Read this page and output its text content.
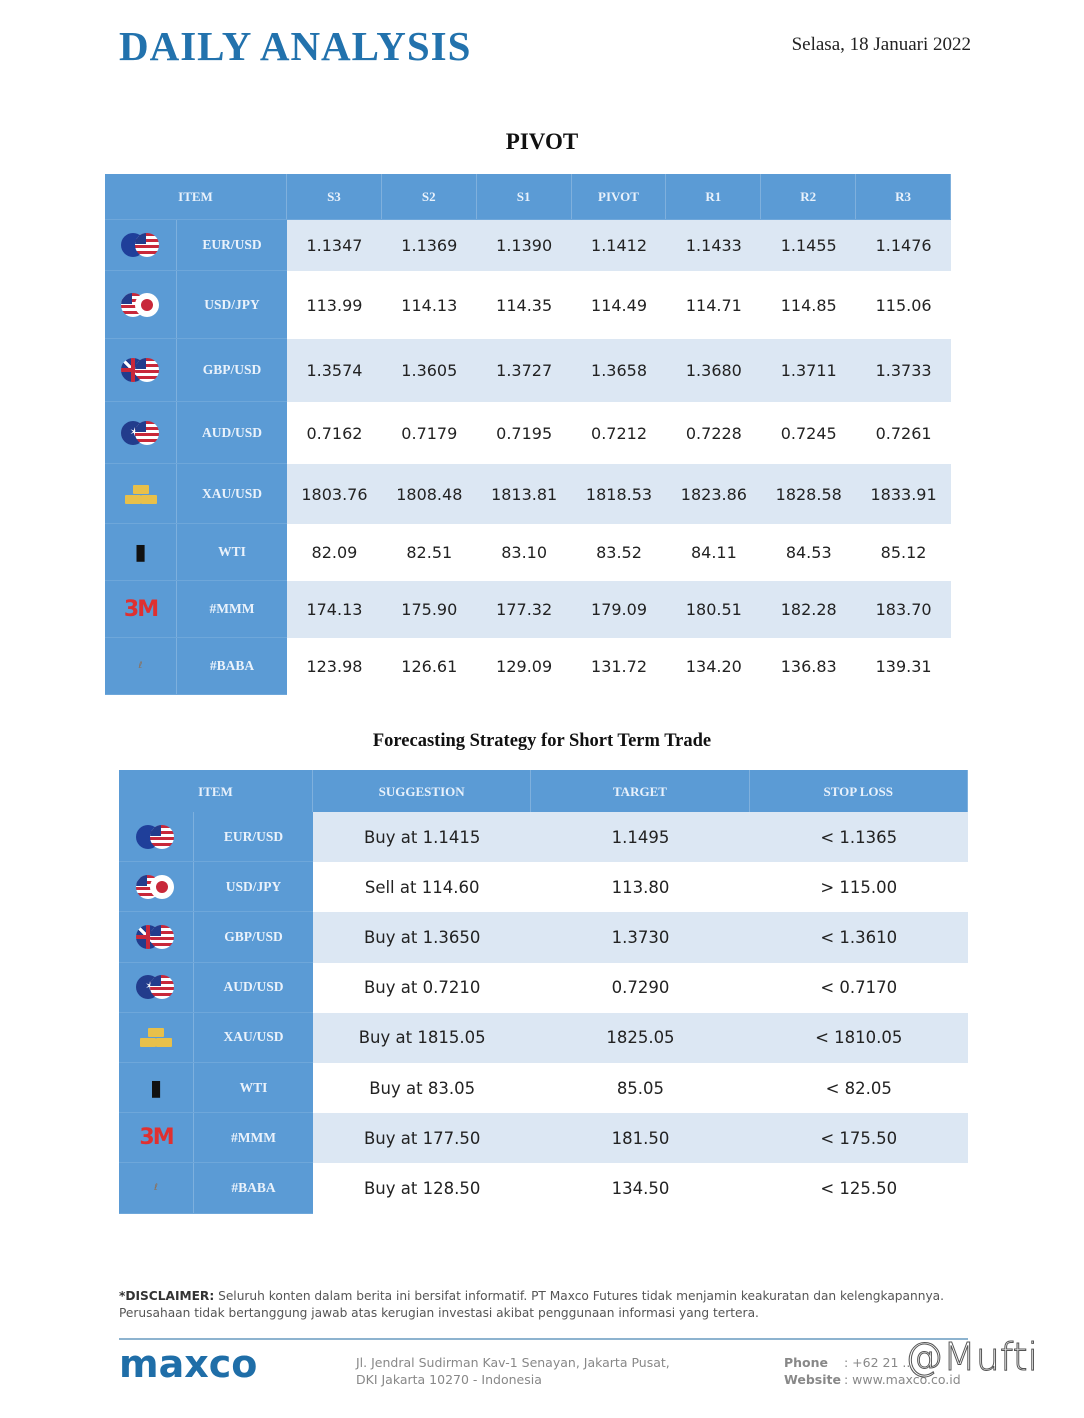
DAILY ANALYSIS	Selasa, 18 Januari 2022
PIVOT
ITEM	S3	S2	S1	PIVOT	R1	R2	R3
EUR/USD	1.1347	1.1369	1.1390	1.1412	1.1433	1.1455	1.1476
USD/JPY	113.99	114.13	114.35	114.49	114.71	114.85	115.06
GBP/USD	1.3574	1.3605	1.3727	1.3658	1.3680	1.3711	1.3733
✶
AUD/USD	0.7162	0.7179	0.7195	0.7212	0.7228	0.7245	0.7261
XAU/USD	1803.76	1808.48	1813.81	1818.53	1823.86	1828.58	1833.91
▮	WTI	82.09	82.51	83.10	83.52	84.11	84.53	85.12
3M	#MMM	174.13	175.90	177.32	179.09	180.51	182.28	183.70
ℓ	#BABA	123.98	126.61	129.09	131.72	134.20	136.83	139.31
Forecasting Strategy for Short Term Trade
ITEM	SUGGESTION	TARGET	STOP LOSS
EUR/USD	Buy at 1.1415	1.1495	< 1.1365
USD/JPY	Sell at 114.60	113.80	> 115.00
GBP/USD	Buy at 1.3650	1.3730	< 1.3610
✶
AUD/USD	Buy at 0.7210	0.7290	< 0.7170
XAU/USD	Buy at 1815.05	1825.05	< 1810.05
▮	WTI	Buy at 83.05	85.05	< 82.05
3M	#MMM	Buy at 177.50	181.50	< 175.50
ℓ	#BABA	Buy at 128.50	134.50	< 125.50
*DISCLAIMER: Seluruh konten dalam berita ini bersifat informatif. PT Maxco Futures tidak menjamin keakuratan dan kelengkapannya.
Perusahaan tidak bertanggung jawab atas kerugian investasi akibat penggunaan informasi yang tertera.
maxco	Jl. Jendral Sudirman Kav-1 Senayan, Jakarta Pusat,
DKI Jakarta 10270 - Indonesia
Phone : +62 21 ...
Website : www.maxco.co.id
@Mufti
